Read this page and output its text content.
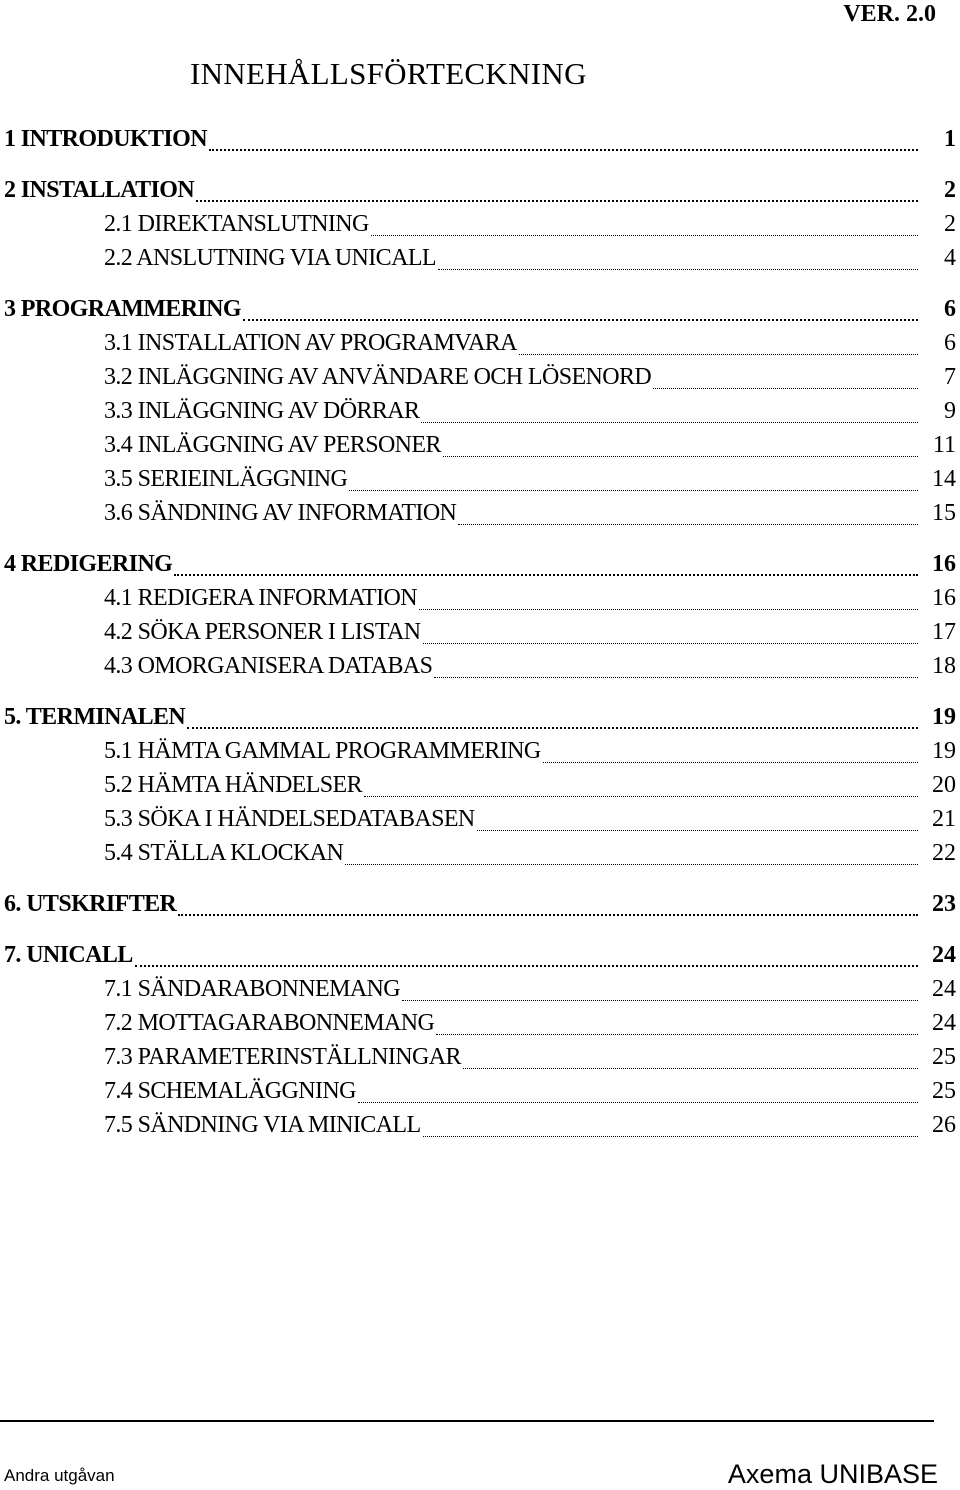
VER. 2.0
INNEHÅLLSFÖRTECKNING
1 INTRODUKTION	1
2 INSTALLATION	2
2.1 DIREKTANSLUTNING	2
2.2 ANSLUTNING VIA UNICALL	4
3 PROGRAMMERING	6
3.1 INSTALLATION AV PROGRAMVARA	6
3.2 INLÄGGNING AV ANVÄNDARE OCH LÖSENORD	7
3.3 INLÄGGNING AV DÖRRAR	9
3.4 INLÄGGNING AV PERSONER	11
3.5 SERIEINLÄGGNING	14
3.6 SÄNDNING AV INFORMATION	15
4 REDIGERING	16
4.1 REDIGERA INFORMATION	16
4.2 SÖKA PERSONER I LISTAN	17
4.3 OMORGANISERA DATABAS	18
5. TERMINALEN	19
5.1 HÄMTA GAMMAL PROGRAMMERING	19
5.2 HÄMTA HÄNDELSER	20
5.3 SÖKA I HÄNDELSEDATABASEN	21
5.4 STÄLLA KLOCKAN	22
6. UTSKRIFTER	23
7. UNICALL	24
7.1 SÄNDARABONNEMANG	24
7.2 MOTTAGARABONNEMANG	24
7.3 PARAMETERINSTÄLLNINGAR	25
7.4 SCHEMALÄGGNING	25
7.5 SÄNDNING VIA MINICALL	26
Andra utgåvan	Axema UNIBASE
